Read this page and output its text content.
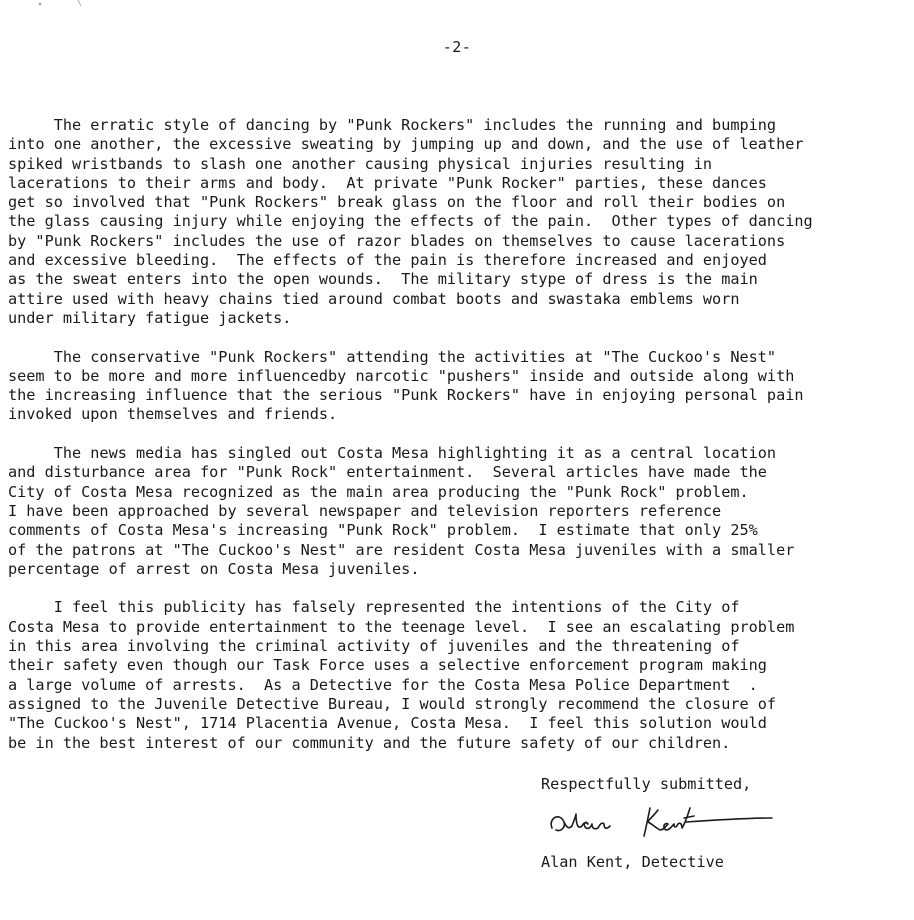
-2-
The erratic style of dancing by "Punk Rockers" includes the running and bumping
into one another, the excessive sweating by jumping up and down, and the use of leather
spiked wristbands to slash one another causing physical injuries resulting in
lacerations to their arms and body.  At private "Punk Rocker" parties, these dances
get so involved that "Punk Rockers" break glass on the floor and roll their bodies on
the glass causing injury while enjoying the effects of the pain.  Other types of dancing
by "Punk Rockers" includes the use of razor blades on themselves to cause lacerations
and excessive bleeding.  The effects of the pain is therefore increased and enjoyed
as the sweat enters into the open wounds.  The military stype of dress is the main
attire used with heavy chains tied around combat boots and swastaka emblems worn
under military fatigue jackets.
The conservative "Punk Rockers" attending the activities at "The Cuckoo's Nest"
seem to be more and more influencedby narcotic "pushers" inside and outside along with
the increasing influence that the serious "Punk Rockers" have in enjoying personal pain
invoked upon themselves and friends.
The news media has singled out Costa Mesa highlighting it as a central location
and disturbance area for "Punk Rock" entertainment.  Several articles have made the
City of Costa Mesa recognized as the main area producing the "Punk Rock" problem.
I have been approached by several newspaper and television reporters reference
comments of Costa Mesa's increasing "Punk Rock" problem.  I estimate that only 25%
of the patrons at "The Cuckoo's Nest" are resident Costa Mesa juveniles with a smaller
percentage of arrest on Costa Mesa juveniles.
I feel this publicity has falsely represented the intentions of the City of
Costa Mesa to provide entertainment to the teenage level.  I see an escalating problem
in this area involving the criminal activity of juveniles and the threatening of
their safety even though our Task Force uses a selective enforcement program making
a large volume of arrests.  As a Detective for the Costa Mesa Police Department  .
assigned to the Juvenile Detective Bureau, I would strongly recommend the closure of
"The Cuckoo's Nest", 1714 Placentia Avenue, Costa Mesa.  I feel this solution would
be in the best interest of our community and the future safety of our children.
Respectfully submitted,
Alan Kent, Detective
